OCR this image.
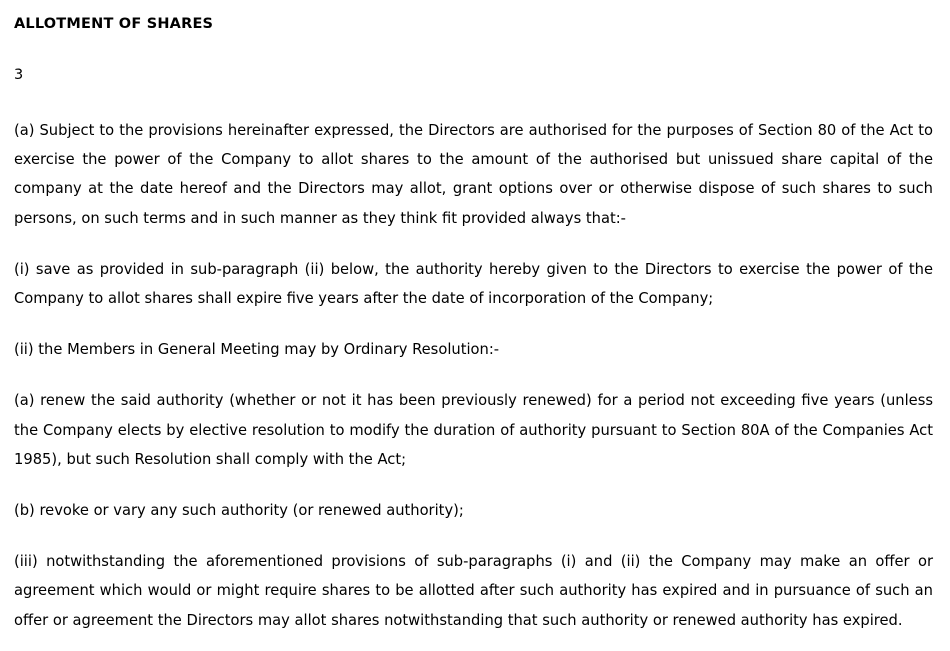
ALLOTMENT OF SHARES
3

(a) Subject to the provisions hereinafter expressed, the Directors are authorised for the purposes of Section 80 of the Act to exercise the power of the Company to allot shares to the amount of the authorised but unissued share capital of the company at the date hereof and the Directors may allot, grant options over or otherwise dispose of such shares to such persons, on such terms and in such manner as they think fit provided always that:-

(i) save as provided in sub-paragraph (ii) below, the authority hereby given to the Directors to exercise the power of the Company to allot shares shall expire five years after the date of incorporation of the Company;

(ii) the Members in General Meeting may by Ordinary Resolution:-

(a) renew the said authority (whether or not it has been previously renewed) for a period not exceeding five years (unless the Company elects by elective resolution to modify the duration of authority pursuant to Section 80A of the Companies Act 1985), but such Resolution shall comply with the Act;

(b) revoke or vary any such authority (or renewed authority);

(iii) notwithstanding the aforementioned provisions of sub-paragraphs (i) and (ii) the Company may make an offer or agreement which would or might require shares to be allotted after such authority has expired and in pursuance of such an offer or agreement the Directors may allot shares notwithstanding that such authority or renewed authority has expired.
